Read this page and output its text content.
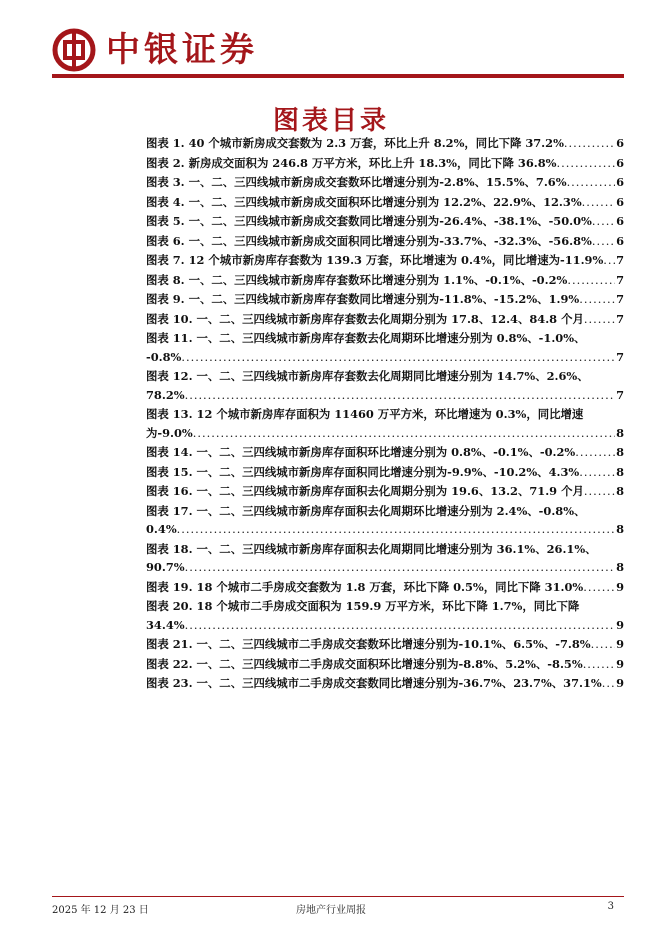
中银证券
图表目录
图表 1. 40 个城市新房成交套数为 2.3 万套，环比上升 8.2%，同比下降 37.2% .....	6
图表 2. 新房成交面积为 246.8 万平方米，环比上升 18.3%，同比下降 36.8% .....	6
图表 3. 一、二、三四线城市新房成交套数环比增速分别为-2.8%、15.5%、7.6% .....	6
图表 4. 一、二、三四线城市新房成交面积环比增速分别为 12.2%、22.9%、12.3% .....	6
图表 5. 一、二、三四线城市新房成交套数同比增速分别为-26.4%、-38.1%、-50.0% ..... 6
图表 6. 一、二、三四线城市新房成交面积同比增速分别为-33.7%、-32.3%、-56.8% ..... 6
图表 7. 12 个城市新房库存套数为 139.3 万套，环比增速为 0.4%，同比增速为-11.9% ..... 7
图表 8. 一、二、三四线城市新房库存套数环比增速分别为 1.1%、-0.1%、-0.2% .....	7
图表 9. 一、二、三四线城市新房库存套数同比增速分别为-11.8%、-15.2%、1.9% .....	7
图表 10. 一、二、三四线城市新房库存套数去化周期分别为 17.8、12.4、84.8 个月 .....	7
图表 11. 一、二、三四线城市新房库存套数去化周期环比增速分别为 0.8%、-1.0%、
-0.8% .....	7
图表 12. 一、二、三四线城市新房库存套数去化周期同比增速分别为 14.7%、2.6%、
78.2% .....	7
图表 13. 12 个城市新房库存面积为 11460 万平方米，环比增速为 0.3%，同比增速
为-9.0% .....	8
图表 14. 一、二、三四线城市新房库存面积环比增速分别为 0.8%、-0.1%、-0.2% .....	8
图表 15. 一、二、三四线城市新房库存面积同比增速分别为-9.9%、-10.2%、4.3% .....	8
图表 16. 一、二、三四线城市新房库存面积去化周期分别为 19.6、13.2、71.9 个月 .....	8
图表 17. 一、二、三四线城市新房库存面积去化周期环比增速分别为 2.4%、-0.8%、
0.4% .....	8
图表 18. 一、二、三四线城市新房库存面积去化周期同比增速分别为 36.1%、26.1%、
90.7% .....	8
图表 19. 18 个城市二手房成交套数为 1.8 万套，环比下降 0.5%，同比下降 31.0% .....	9
图表 20. 18 个城市二手房成交面积为 159.9 万平方米，环比下降 1.7%，同比下降
34.4% .....	9
图表 21. 一、二、三四线城市二手房成交套数环比增速分别为-10.1%、6.5%、-7.8% ..... 9
图表 22. 一、二、三四线城市二手房成交面积环比增速分别为-8.8%、5.2%、-8.5% .....	9
图表 23. 一、二、三四线城市二手房成交套数同比增速分别为-36.7%、23.7%、37.1% ..... 9
2025 年 12 月 23 日	房地产行业周报	3
